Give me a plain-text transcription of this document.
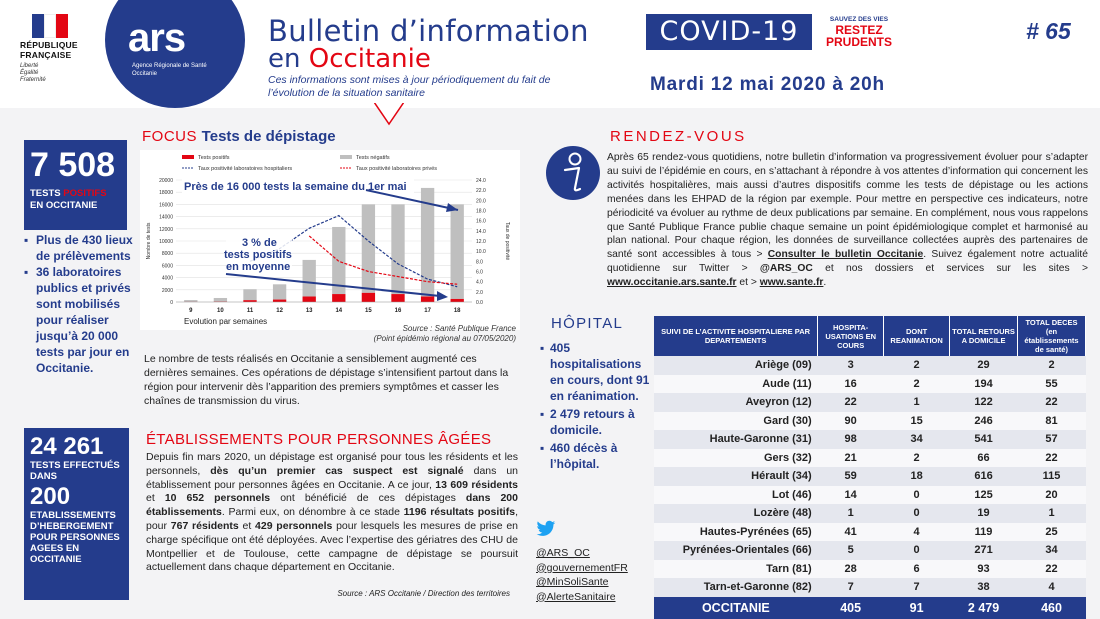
RÉPUBLIQUE
FRANÇAISE
Liberté
Égalité
Fraternité
ars
Agence Régionale de Santé Occitanie
Bulletin d’information	COVID-19
en Occitanie
SAUVEZ DES VIES
RESTEZ
PRUDENTS
Ces informations sont mises à jour périodiquement du fait de l’évolution de la situation sanitaire	Mardi 12 mai 2020 à 20h
# 65
7 508
TESTS POSITIFS
EN OCCITANIE
▪ Plus de 430 lieux de prélèvements
▪ 36 laboratoires publics et privés sont mobilisés pour réaliser jusqu’à 20 000 tests par jour en Occitanie.
24 261
TESTS EFFECTUÉS DANS
200
ETABLISSEMENTS D’HEBERGEMENT POUR PERSONNES AGEES EN OCCITANIE
FOCUS Tests de dépistage
0
2000
4000
6000
8000
10000
12000
14000
16000
18000
20000
0.0
2.0
4.0
6.0
8.0
10.0
12.0
14.0
16.0
18.0
20.0
22.0
24.0
Nombre de tests	Taux de positivité
Evolution par semaines
9	10	11	12	13	14	15	16	17	18
Tests positifs	Tests négatifs
Taux positivité laboratoires hospitaliers	Taux positivité laboratoires privés
Près de 16 000 tests la semaine du 1er mai
3 % de
tests positifs
en moyenne
Source : Santé Publique France
(Point épidémio régional au 07/05/2020)
Le nombre de tests réalisés en Occitanie a sensiblement augmenté ces dernières semaines. Ces opérations de dépistage s’intensifient partout dans la région pour intervenir dès l’apparition des premiers symptômes et casser les chaînes de transmission du virus.
ÉTABLISSEMENTS POUR PERSONNES ÂGÉES
Depuis fin mars 2020, un dépistage est organisé pour tous les résidents et les personnels, dès qu’un premier cas suspect est signalé dans un établissement pour personnes âgées en Occitanie. A ce jour, 13 609 résidents et 10 652 personnels ont bénéficié de ces dépistages dans 200 établissements. Parmi eux, on dénombre à ce stade 1196 résultats positifs, pour 767 résidents et 429 personnels pour lesquels les mesures de prise en charge spécifique ont été déployées. Avec l’expertise des gériatres des CHU de Montpellier et de Toulouse, cette campagne de dépistage se poursuit actuellement dans chaque département en Occitanie.
Source : ARS Occitanie / Direction des territoires
RENDEZ-VOUS
Après 65 rendez-vous quotidiens, notre bulletin d’information va progressivement évoluer pour s’adapter au suivi de l’épidémie en cours, en s’attachant à répondre à vos attentes d’information qui concernent les activités hospitalières, mais aussi d’autres dispositifs comme les tests de dépistage ou les actions menées dans les EHPAD de la région par exemple. Pour mettre en perspective ces indicateurs, notre périodicité va évoluer au rythme de deux publications par semaine. En complément, nous vous rappelons que Santé Publique France publie chaque semaine un point épidémiologique complet et harmonisé au plan national. Pour chaque région, les données de surveillance collectées auprès des partenaires de santé sont accessibles à tous > Consulter le bulletin Occitanie. Suivez également notre actualité quotidienne sur Twitter > @ARS_OC et nos dossiers et services sur les sites > www.occitanie.ars.sante.fr et > www.sante.fr.
HÔPITAL
▪ 405 hospitalisations en cours, dont 91 en réanimation.
▪ 2 479 retours à domicile.
▪ 460 décès à l’hôpital.
@ARS_OC
@gouvernementFR
@MinSoliSante
@AlerteSanitaire
SUIVI DE L’ACTIVITE HOSPITALIERE PAR DEPARTEMENTS	HOSPITA-USATIONS EN COURS	DONT REANIMATION	TOTAL RETOURS A DOMICILE	TOTAL DECES (en établissements de santé)
Ariège (09)	3	2	29	2
Aude (11)	16	2	194	55
Aveyron (12)	22	1	122	22
Gard (30)	90	15	246	81
Haute-Garonne (31)	98	34	541	57
Gers (32)	21	2	66	22
Hérault (34)	59	18	616	115
Lot (46)	14	0	125	20
Lozère (48)	1	0	19	1
Hautes-Pyrénées (65)	41	4	119	25
Pyrénées-Orientales (66)	5	0	271	34
Tarn (81)	28	6	93	22
Tarn-et-Garonne (82)	7	7	38	4
OCCITANIE	405	91	2 479	460
